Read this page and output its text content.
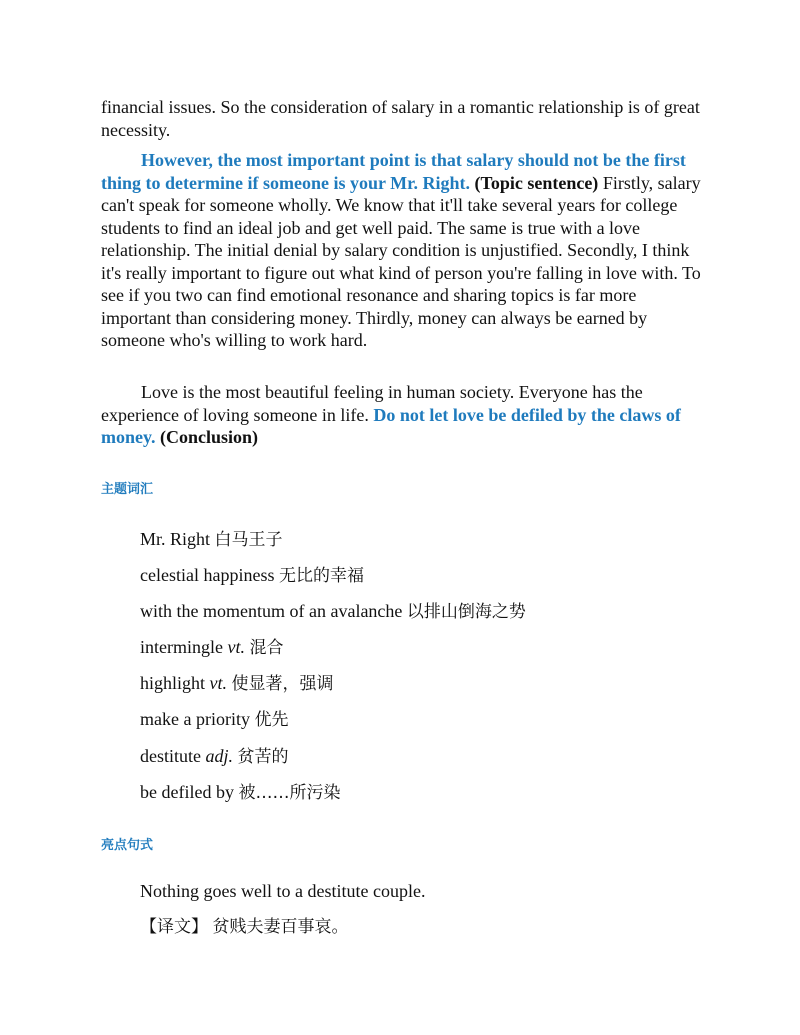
financial issues. So the consideration of salary in a romantic relationship is of great necessity.
However, the most important point is that salary should not be the first thing to determine if someone is your Mr. Right. (Topic sentence) Firstly, salary can't speak for someone wholly. We know that it'll take several years for college students to find an ideal job and get well paid. The same is true with a love relationship. The initial denial by salary condition is unjustified. Secondly, I think it's really important to figure out what kind of person you're falling in love with. To see if you two can find emotional resonance and sharing topics is far more important than considering money. Thirdly, money can always be earned by someone who's willing to work hard.
Love is the most beautiful feeling in human society. Everyone has the experience of loving someone in life. Do not let love be defiled by the claws of money. (Conclusion)
主题词汇
Mr. Right 白马王子
celestial happiness 无比的幸福
with the momentum of an avalanche 以排山倒海之势
intermingle vt. 混合
highlight vt. 使显著，强调
make a priority 优先
destitute adj. 贫苦的
be defiled by 被……所污染
亮点句式
Nothing goes well to a destitute couple.
【译文】 贫贱夫妻百事哀。
